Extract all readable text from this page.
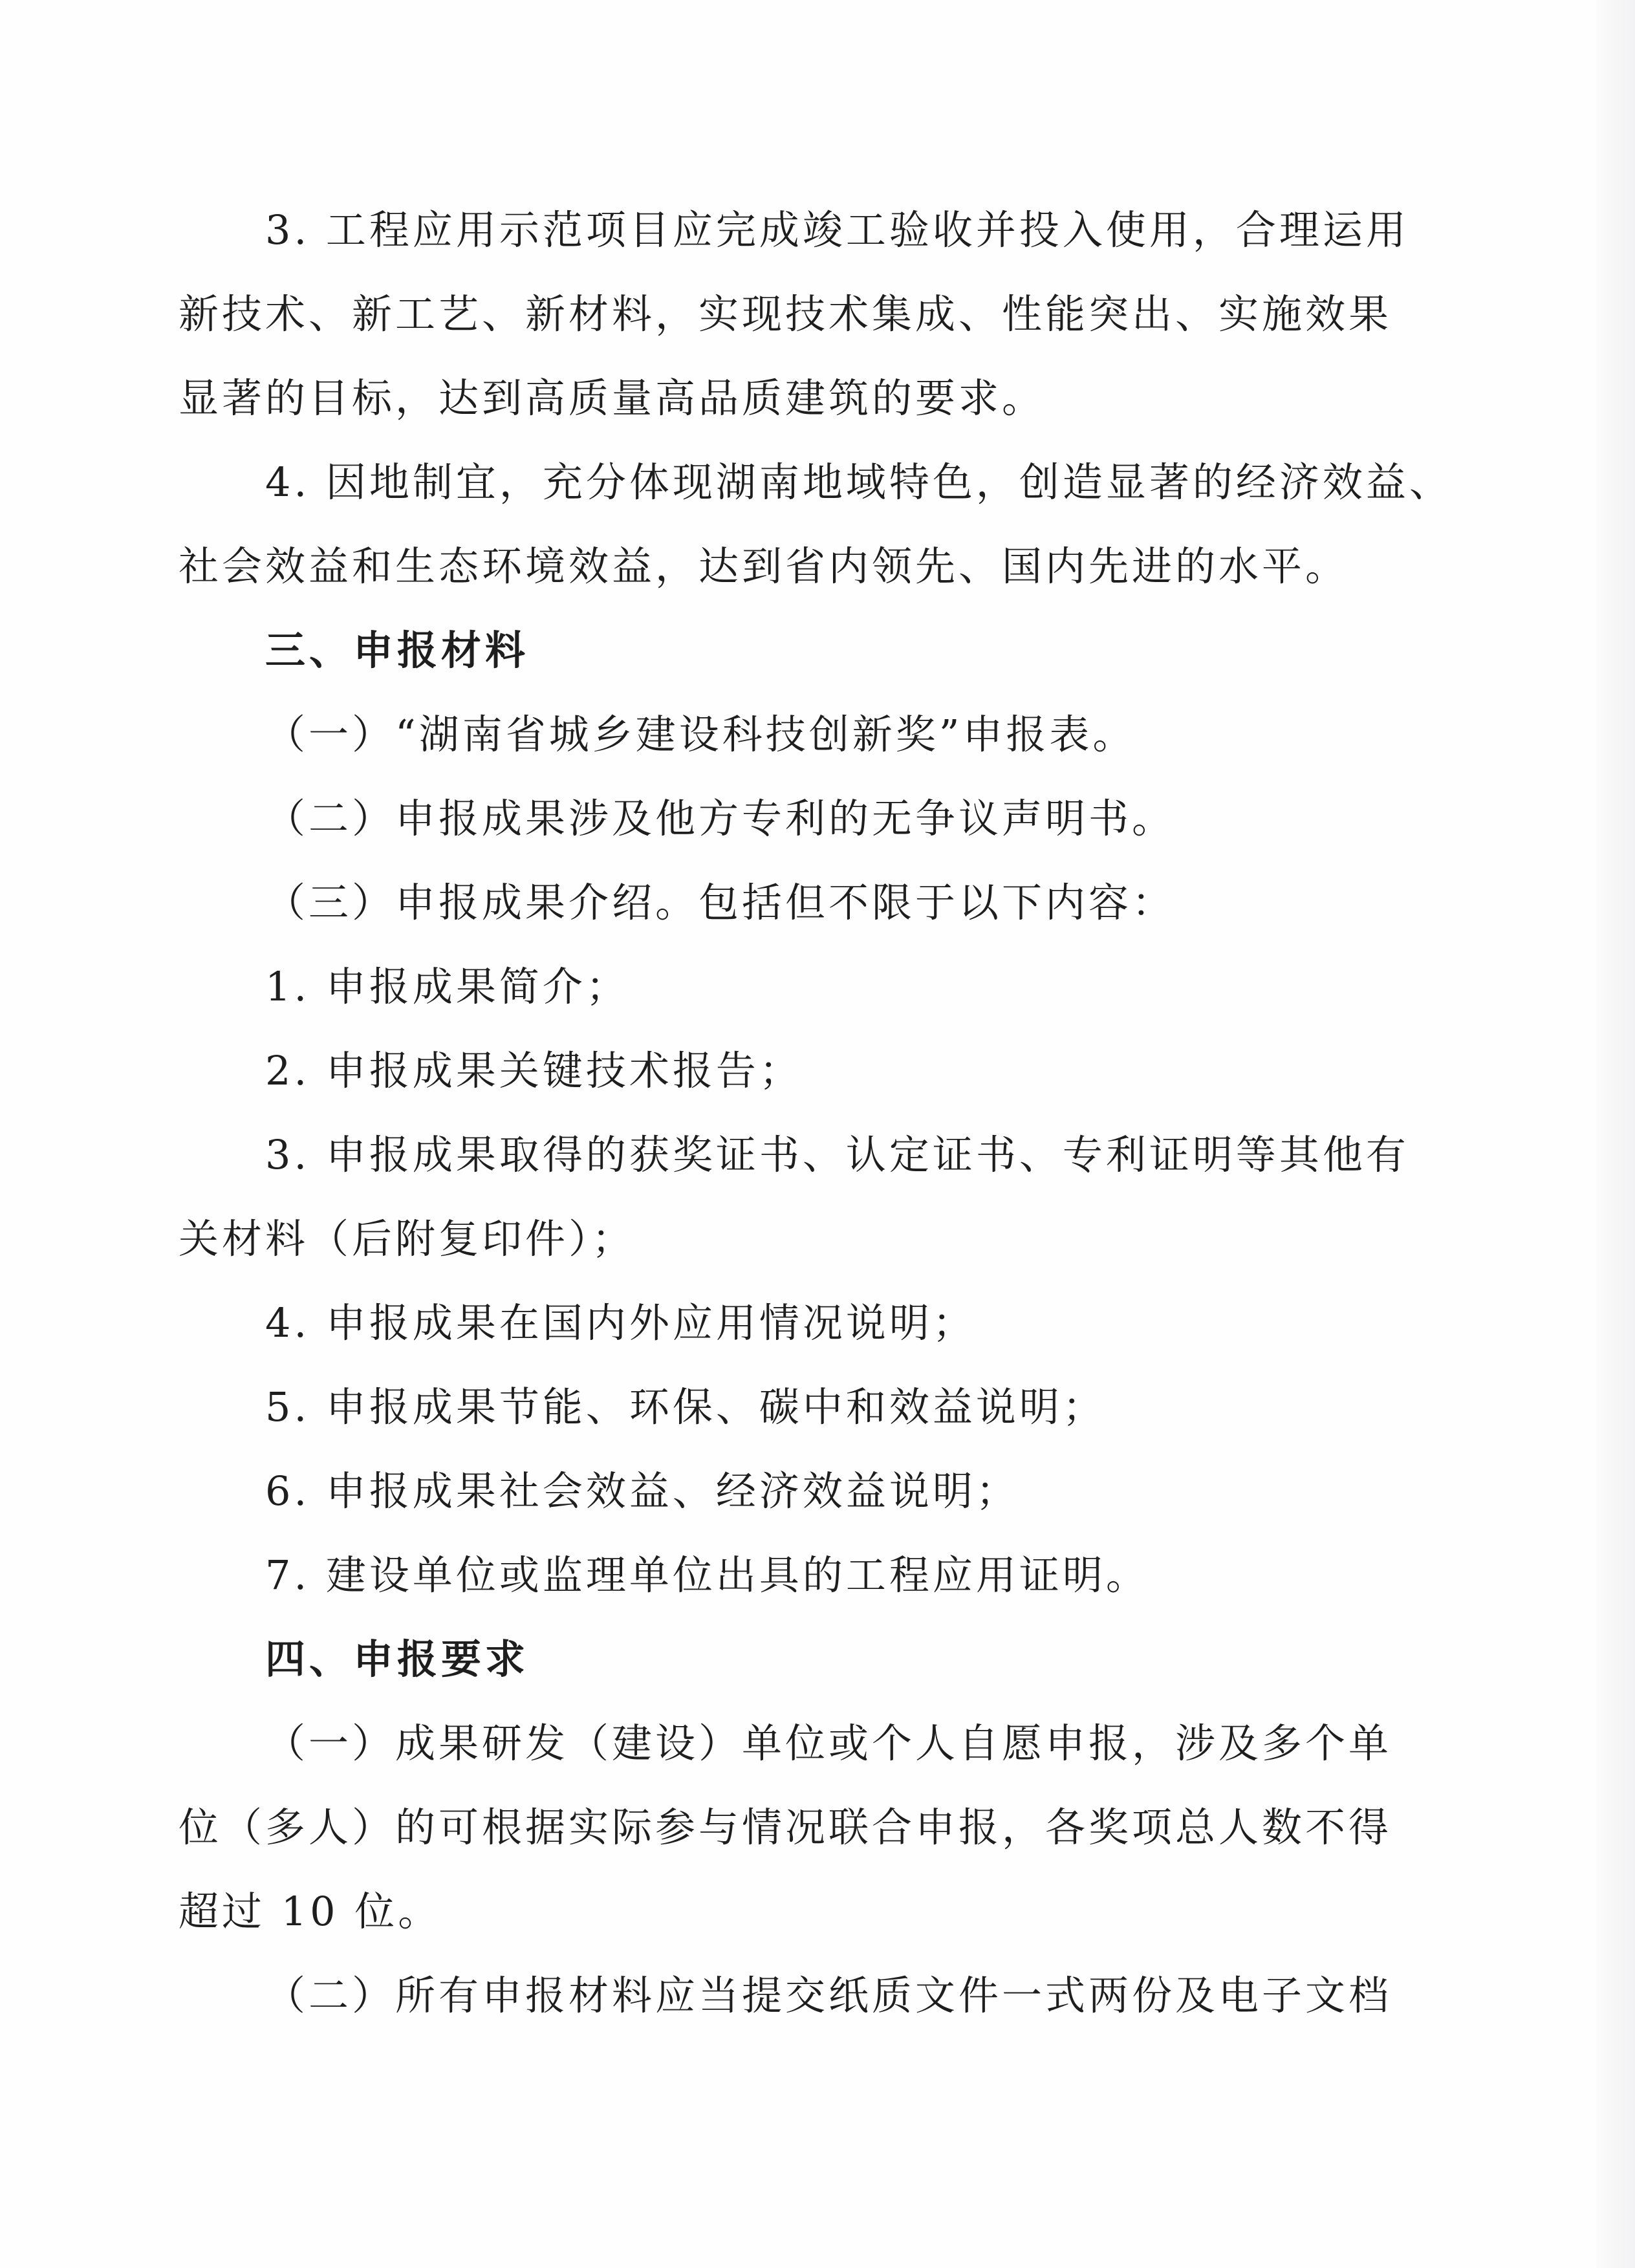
3. 工程应用示范项目应完成竣工验收并投入使用，合理运用
新技术、新工艺、新材料，实现技术集成、性能突出、实施效果
显著的目标，达到高质量高品质建筑的要求。
4. 因地制宜，充分体现湖南地域特色，创造显著的经济效益、
社会效益和生态环境效益，达到省内领先、国内先进的水平。
三、申报材料
（一）“湖南省城乡建设科技创新奖”申报表。
（二）申报成果涉及他方专利的无争议声明书。
（三）申报成果介绍。包括但不限于以下内容：
1. 申报成果简介；
2. 申报成果关键技术报告；
3. 申报成果取得的获奖证书、认定证书、专利证明等其他有
关材料（后附复印件）；
4. 申报成果在国内外应用情况说明；
5. 申报成果节能、环保、碳中和效益说明；
6. 申报成果社会效益、经济效益说明；
7. 建设单位或监理单位出具的工程应用证明。
四、申报要求
（一）成果研发（建设）单位或个人自愿申报，涉及多个单
位（多人）的可根据实际参与情况联合申报，各奖项总人数不得
超过 10 位。
（二）所有申报材料应当提交纸质文件一式两份及电子文档
